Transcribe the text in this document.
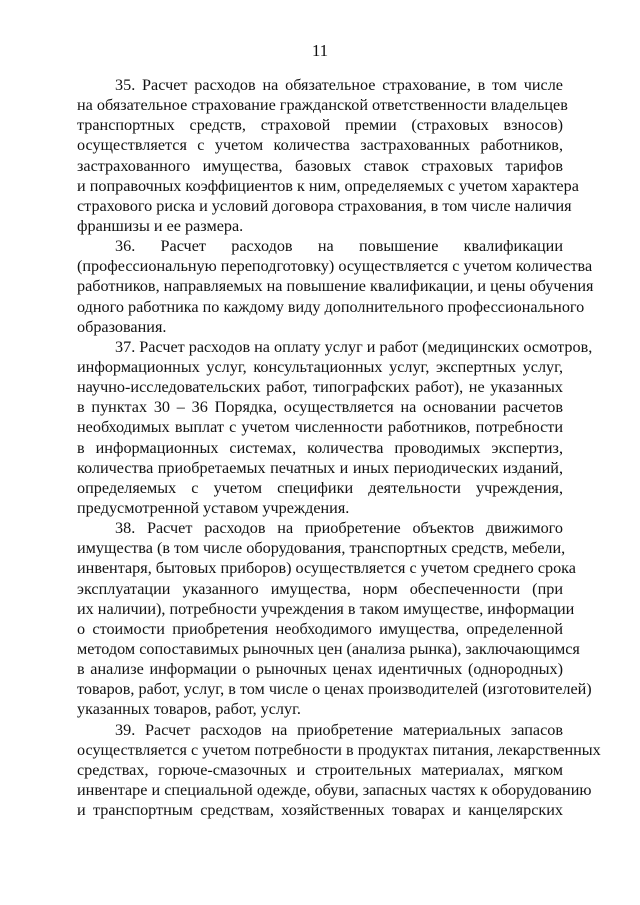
11
35. Расчет расходов на обязательное страхование, в том числе
на обязательное страхование гражданской ответственности владельцев
транспортных средств, страховой премии (страховых взносов)
осуществляется с учетом количества застрахованных работников,
застрахованного имущества, базовых ставок страховых тарифов
и поправочных коэффициентов к ним, определяемых с учетом характера
страхового риска и условий договора страхования, в том числе наличия
франшизы и ее размера.
36. Расчет расходов на повышение квалификации
(профессиональную переподготовку) осуществляется с учетом количества
работников, направляемых на повышение квалификации, и цены обучения
одного работника по каждому виду дополнительного профессионального
образования.
37. Расчет расходов на оплату услуг и работ (медицинских осмотров,
информационных услуг, консультационных услуг, экспертных услуг,
научно-исследовательских работ, типографских работ), не указанных
в пунктах 30 – 36 Порядка, осуществляется на основании расчетов
необходимых выплат с учетом численности работников, потребности
в информационных системах, количества проводимых экспертиз,
количества приобретаемых печатных и иных периодических изданий,
определяемых с учетом специфики деятельности учреждения,
предусмотренной уставом учреждения.
38. Расчет расходов на приобретение объектов движимого
имущества (в том числе оборудования, транспортных средств, мебели,
инвентаря, бытовых приборов) осуществляется с учетом среднего срока
эксплуатации указанного имущества, норм обеспеченности (при
их наличии), потребности учреждения в таком имуществе, информации
о стоимости приобретения необходимого имущества, определенной
методом сопоставимых рыночных цен (анализа рынка), заключающимся
в анализе информации о рыночных ценах идентичных (однородных)
товаров, работ, услуг, в том числе о ценах производителей (изготовителей)
указанных товаров, работ, услуг.
39. Расчет расходов на приобретение материальных запасов
осуществляется с учетом потребности в продуктах питания, лекарственных
средствах, горюче-смазочных и строительных материалах, мягком
инвентаре и специальной одежде, обуви, запасных частях к оборудованию
и транспортным средствам, хозяйственных товарах и канцелярских
